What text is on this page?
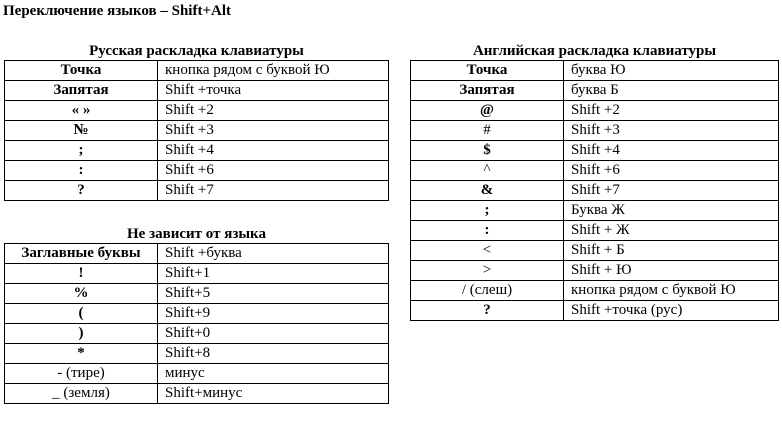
Переключение языков – Shift+Alt
Русская раскладка клавиатуры
Точка	кнопка рядом с буквой Ю
Запятая	Shift +точка
« »	Shift +2
№	Shift +3
;	Shift +4
:	Shift +6
?	Shift +7
Не зависит от языка
Заглавные буквы	Shift +буква
!	Shift+1
%	Shift+5
(	Shift+9
)	Shift+0
*	Shift+8
- (тире)	минус
_ (земля)	Shift+минус
Английская раскладка клавиатуры
Точка	буква Ю
Запятая	буква Б
@	Shift +2
#	Shift +3
$	Shift +4
^	Shift +6
&	Shift +7
;	Буква Ж
:	Shift + Ж
<	Shift + Б
>	Shift + Ю
/ (слеш)	кнопка рядом с буквой Ю
?	Shift +точка (рус)
